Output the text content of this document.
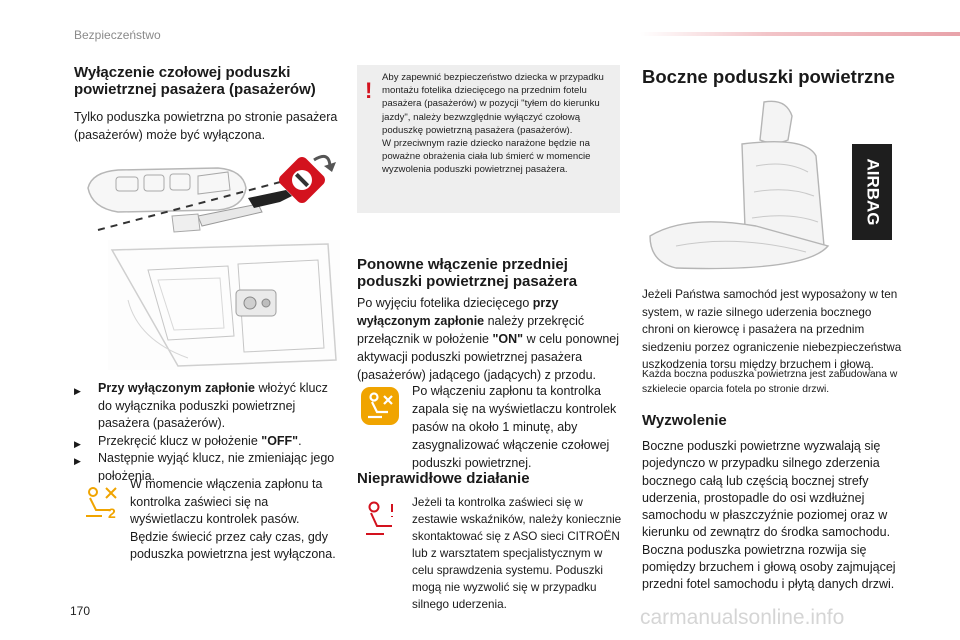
Bezpieczeństwo
Wyłączenie czołowej poduszki powietrznej pasażera (pasażerów)
Tylko poduszka powietrzna po stronie pasażera (pasażerów) może być wyłączona.
▶ Przy wyłączonym zapłonie włożyć klucz do wyłącznika poduszki powietrznej pasażera (pasażerów).
▶ Przekręcić klucz w położenie "OFF".
▶ Następnie wyjąć klucz, nie zmieniając jego położenia.
2
W momencie włączenia zapłonu ta kontrolka zaświeci się na wyświetlaczu kontrolek pasów.
Będzie świecić przez cały czas, gdy poduszka powietrzna jest wyłączona.
!
Aby zapewnić bezpieczeństwo dziecka w przypadku montażu fotelika dziecięcego na przednim fotelu pasażera (pasażerów) w pozycji "tyłem do kierunku jazdy", należy bezwzględnie wyłączyć czołową poduszkę powietrzną pasażera (pasażerów).
W przeciwnym razie dziecko narażone będzie na poważne obrażenia ciała lub śmierć w momencie wyzwolenia poduszki powietrznej pasażera.
Ponowne włączenie przedniej poduszki powietrznej pasażera
Po wyjęciu fotelika dziecięcego przy wyłączonym zapłonie należy przekręcić przełącznik w położenie "ON" w celu ponownej aktywacji poduszki powietrznej pasażera (pasażerów) jadącego (jadących) z przodu.
Po włączeniu zapłonu ta kontrolka zapala się na wyświetlaczu kontrolek pasów na około 1 minutę, aby zasygnalizować włączenie czołowej poduszki powietrznej.
Nieprawidłowe działanie
Jeżeli ta kontrolka zaświeci się w zestawie wskaźników, należy koniecznie skontaktować się z ASO sieci CITROËN lub z warsztatem specjalistycznym w celu sprawdzenia systemu. Poduszki mogą nie wyzwolić się w przypadku silnego uderzenia.
Boczne poduszki powietrzne
AIRBAG
Jeżeli Państwa samochód jest wyposażony w ten system, w razie silnego uderzenia bocznego chroni on kierowcę i pasażera na przednim siedzeniu porzez ograniczenie niebezpieczeństwa uszkodzenia torsu między brzuchem i głową.
Każda boczna poduszka powietrzna jest zabudowana w szkielecie oparcia fotela po stronie drzwi.
Wyzwolenie
Boczne poduszki powietrzne wyzwalają się pojedynczo w przypadku silnego zderzenia bocznego całą lub częścią bocznej strefy uderzenia, prostopadle do osi wzdłużnej samochodu w płaszczyźnie poziomej oraz w kierunku od zewnątrz do środka samochodu. Boczna poduszka powietrzna rozwija się pomiędzy brzuchem i głową osoby zajmującej przedni fotel samochodu i płytą danych drzwi.
170	carmanualsonline.info
